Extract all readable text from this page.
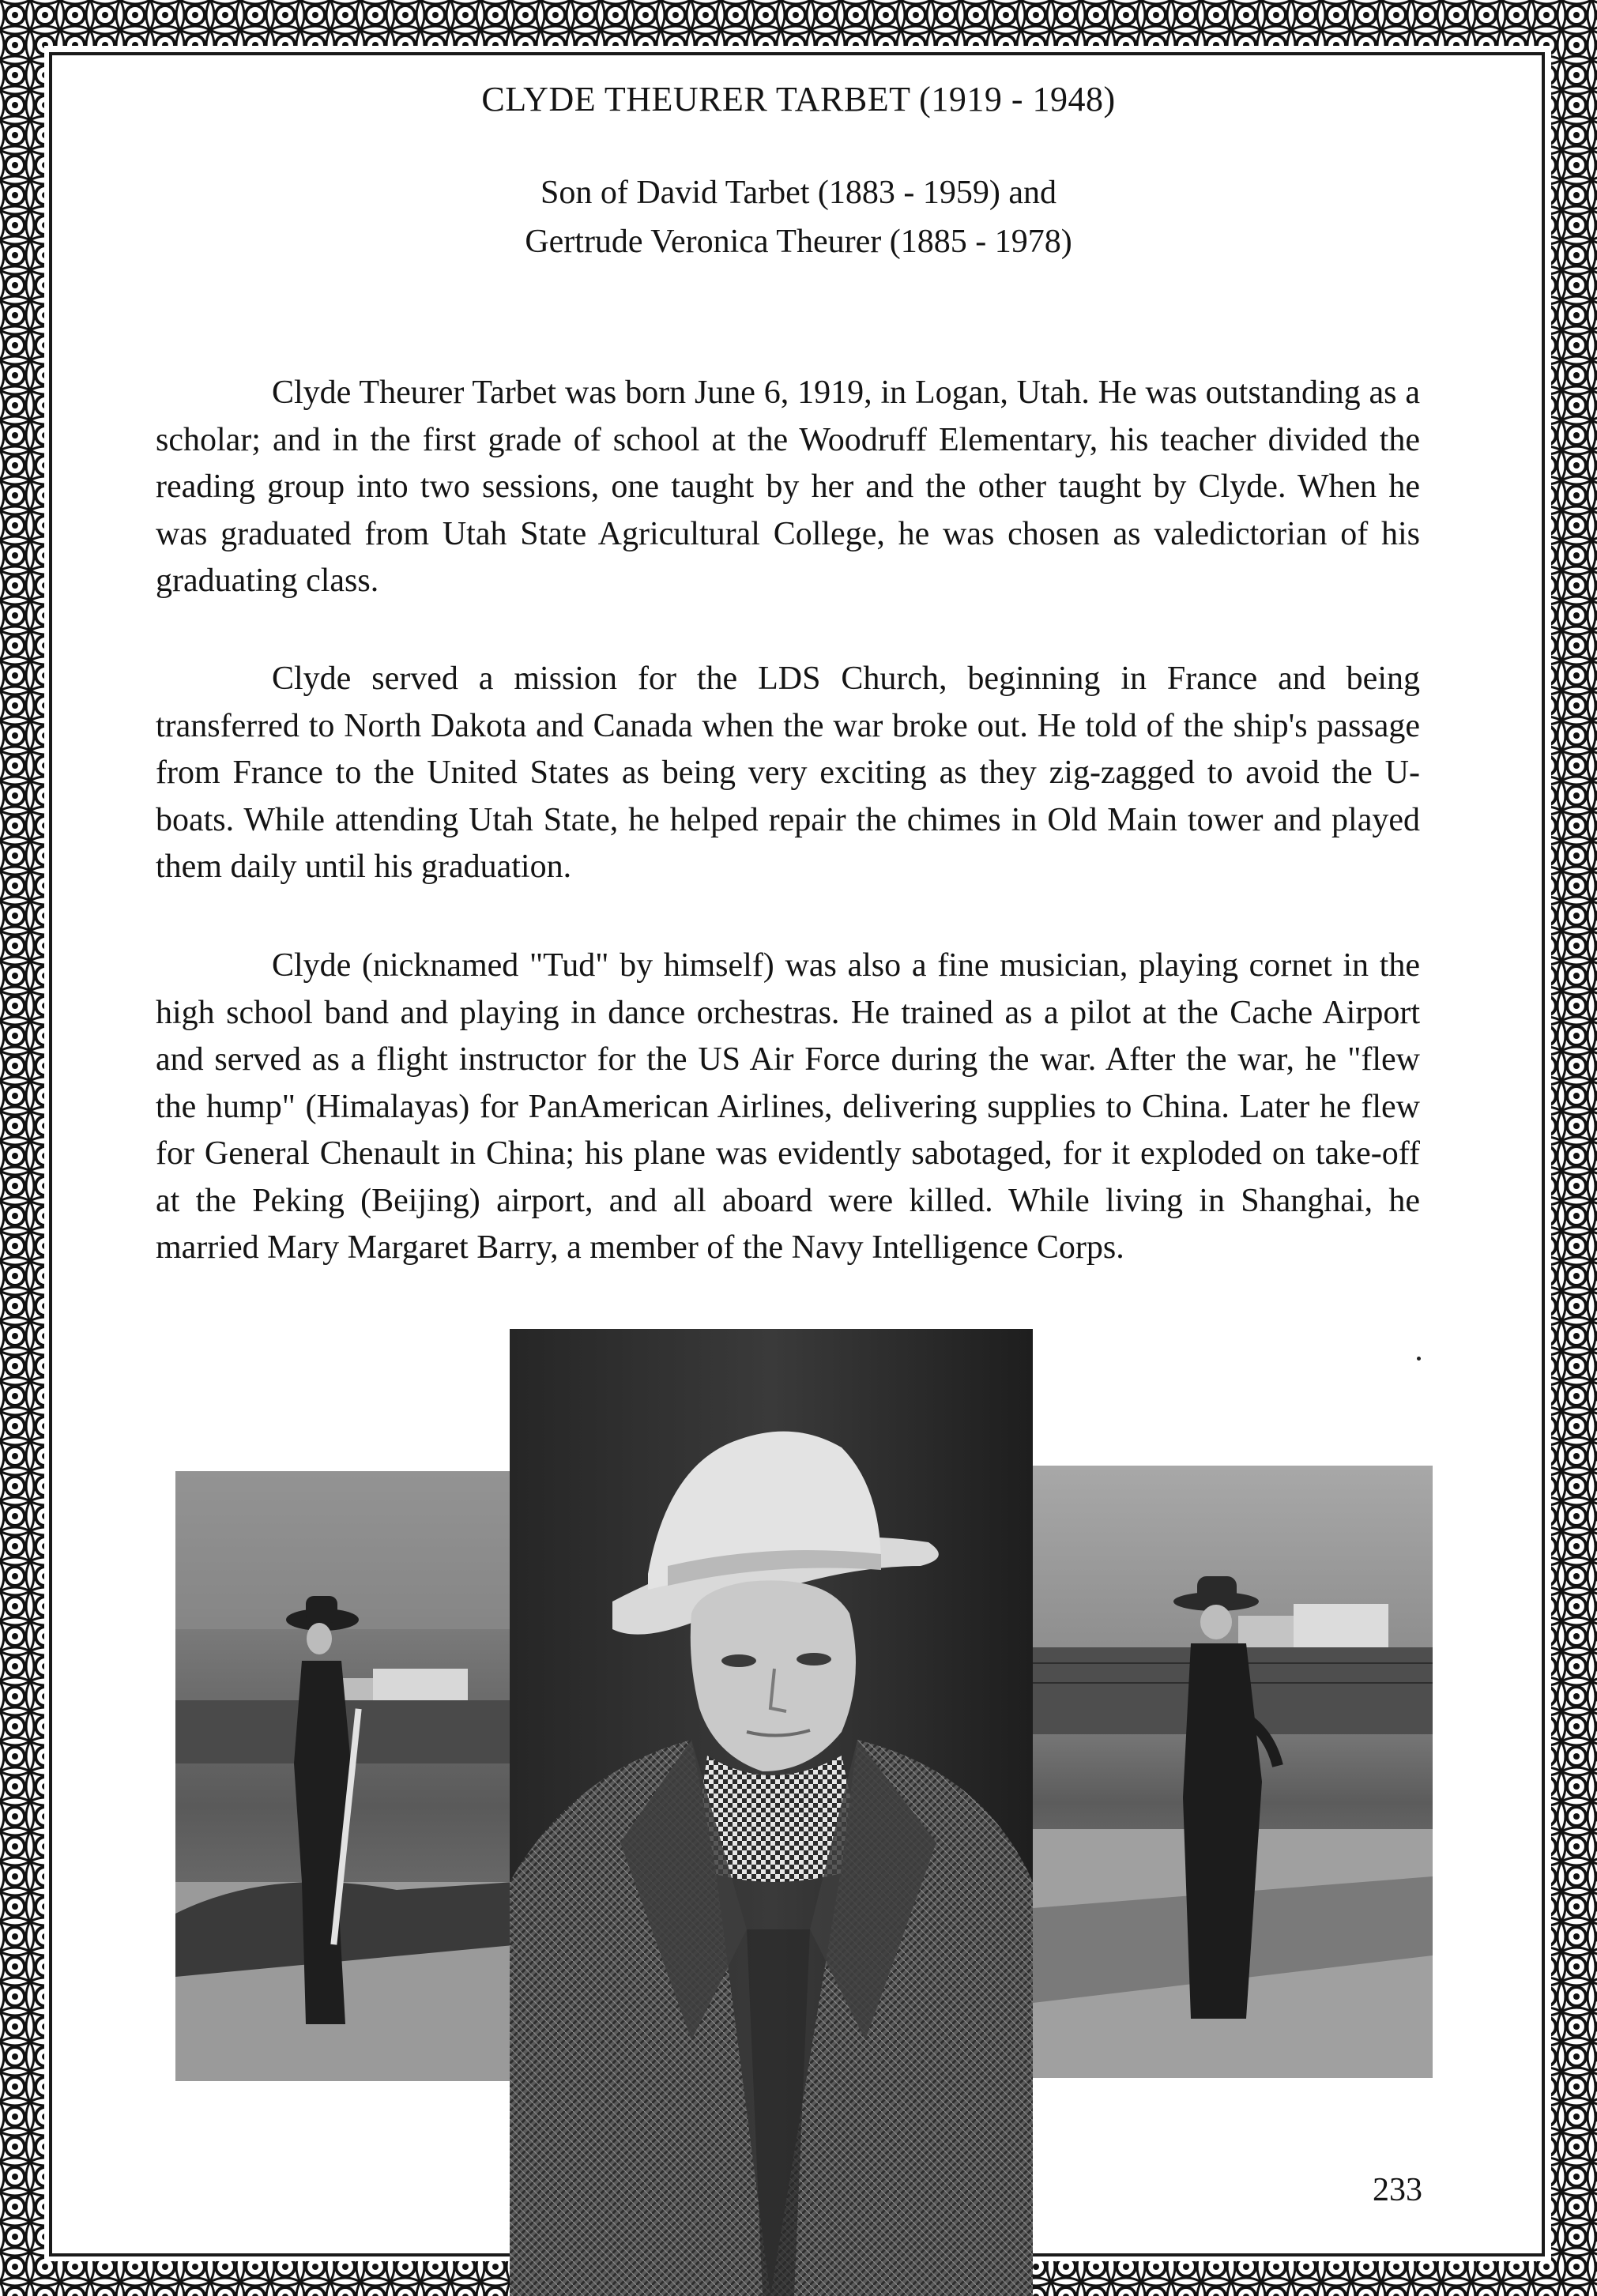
CLYDE THEURER TARBET (1919 - 1948)
Son of David Tarbet (1883 - 1959) and
Gertrude Veronica Theurer (1885 - 1978)

Clyde Theurer Tarbet was born June 6, 1919, in Logan, Utah. He was outstanding as a scholar; and in the first grade of school at the Woodruff Elementary, his teacher divided the reading group into two sessions, one taught by her and the other taught by Clyde. When he was graduated from Utah State Agricultural College, he was chosen as valedictorian of his graduating class.

Clyde served a mission for the LDS Church, beginning in France and being transferred to North Dakota and Canada when the war broke out. He told of the ship's passage from France to the United States as being very exciting as they zig-zagged to avoid the U-boats. While attending Utah State, he helped repair the chimes in Old Main tower and played them daily until his graduation.

Clyde (nicknamed "Tud" by himself) was also a fine musician, playing cornet in the high school band and playing in dance orchestras. He trained as a pilot at the Cache Airport and served as a flight instructor for the US Air Force during the war. After the war, he "flew the hump" (Himalayas) for PanAmerican Airlines, delivering supplies to China. Later he flew for General Chenault in China; his plane was evidently sabotaged, for it exploded on take-off at the Peking (Beijing) airport, and all aboard were killed. While living in Shanghai, he married Mary Margaret Barry, a member of the Navy Intelligence Corps.

233
